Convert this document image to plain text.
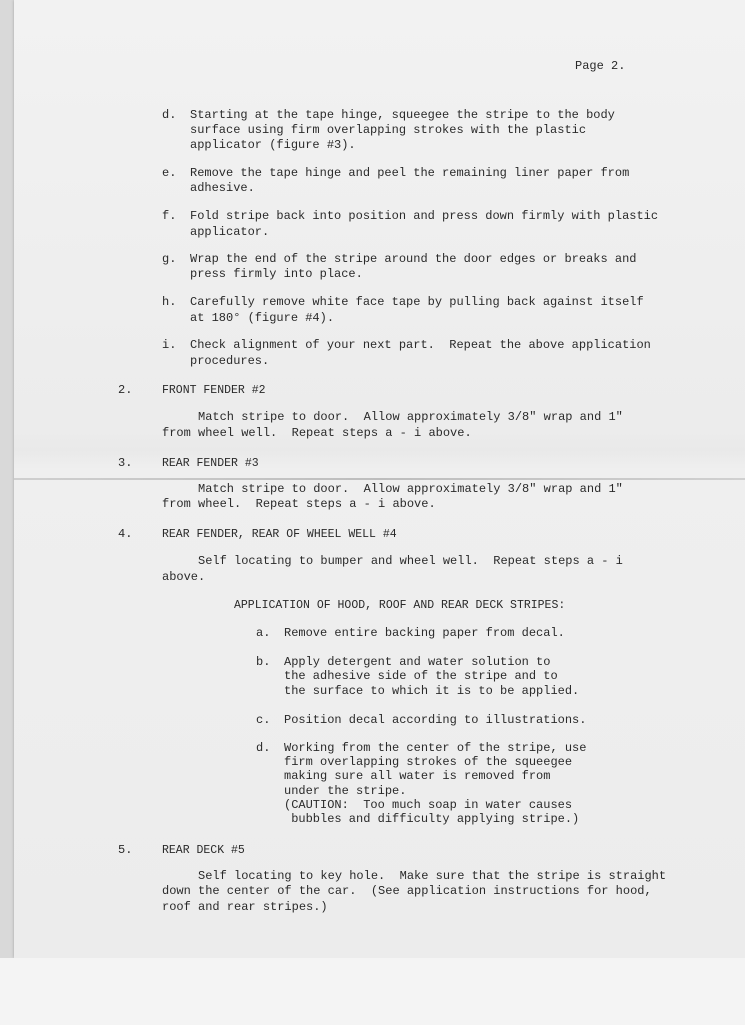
Page 2.
d.	Starting at the tape hinge, squeegee the stripe to the body
surface using firm overlapping strokes with the plastic
applicator (figure #3).
e.	Remove the tape hinge and peel the remaining liner paper from
adhesive.
f.	Fold stripe back into position and press down firmly with plastic
applicator.
g.	Wrap the end of the stripe around the door edges or breaks and
press firmly into place.
h.	Carefully remove white face tape by pulling back against itself
at 180° (figure #4).
i.	Check alignment of your next part.  Repeat the above application
procedures.
2.	FRONT FENDER #2
Match stripe to door.  Allow approximately 3/8" wrap and 1"
from wheel well.  Repeat steps a - i above.
3.	REAR FENDER #3
Match stripe to door.  Allow approximately 3/8" wrap and 1"
from wheel.  Repeat steps a - i above.
4.	REAR FENDER, REAR OF WHEEL WELL #4
Self locating to bumper and wheel well.  Repeat steps a - i
above.
APPLICATION OF HOOD, ROOF AND REAR DECK STRIPES:
a.	Remove entire backing paper from decal.
b.	Apply detergent and water solution to
the adhesive side of the stripe and to
the surface to which it is to be applied.
c.	Position decal according to illustrations.
d.	Working from the center of the stripe, use
firm overlapping strokes of the squeegee
making sure all water is removed from
under the stripe.
(CAUTION:  Too much soap in water causes
bubbles and difficulty applying stripe.)
5.	REAR DECK #5
Self locating to key hole.  Make sure that the stripe is straight
down the center of the car.  (See application instructions for hood,
roof and rear stripes.)
